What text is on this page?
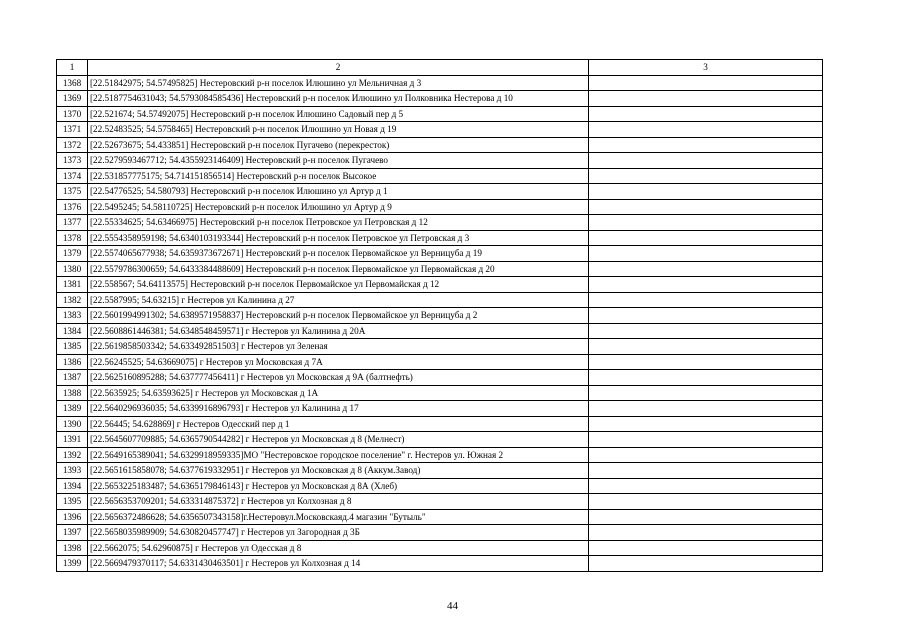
1	2	3
1368	[22.51842975; 54.57495825] Нестеровский р-н поселок Илюшино ул Мельничная д 3	
1369	[22.5187754631043; 54.5793084585436] Нестеровский р-н поселок Илюшино ул Полковника Нестерова д 10	
1370	[22.521674; 54.57492075] Нестеровский р-н поселок Илюшино Садовый пер д 5	
1371	[22.52483525; 54.5758465] Нестеровский р-н поселок Илюшино ул Новая д 19	
1372	[22.52673675; 54.433851] Нестеровский р-н поселок Пугачево (перекресток)	
1373	[22.5279593467712; 54.4355923146409] Нестеровский р-н поселок Пугачево	
1374	[22.531857775175; 54.714151856514] Нестеровский р-н поселок Высокое	
1375	[22.54776525; 54.580793] Нестеровский р-н поселок Илюшино ул Артур д 1	
1376	[22.5495245; 54.58110725] Нестеровский р-н поселок Илюшино ул Артур д 9	
1377	[22.55334625; 54.63466975] Нестеровский р-н поселок Петровское ул Петровская д 12	
1378	[22.5554358959198; 54.6340103193344] Нестеровский р-н поселок Петровское ул Петровская д 3	
1379	[22.5574065677938; 54.6359373672671] Нестеровский р-н поселок Первомайское ул Верницуба д 19	
1380	[22.5579786300659; 54.6433384488609] Нестеровский р-н поселок Первомайское ул Первомайская д 20	
1381	[22.558567; 54.64113575] Нестеровский р-н поселок Первомайское ул Первомайская д 12	
1382	[22.5587995; 54.63215] г Нестеров ул Калинина д 27	
1383	[22.5601994991302; 54.6389571958837] Нестеровский р-н поселок Первомайское ул Верницуба д 2	
1384	[22.5608861446381; 54.6348548459571] г Нестеров ул Калинина д 20А	
1385	[22.5619858503342; 54.633492851503] г Нестеров ул Зеленая	
1386	[22.56245525; 54.63669075] г Нестеров ул Московская д 7А	
1387	[22.5625160895288; 54.637777456411] г Нестеров ул Московская д 9А (балтнефть)	
1388	[22.5635925; 54.63593625] г Нестеров ул Московская д 1А	
1389	[22.5640296936035; 54.6339916896793] г Нестеров ул Калинина д 17	
1390	[22.56445; 54.628869] г Нестеров Одесский пер д 1	
1391	[22.5645607709885; 54.6365790544282] г Нестеров ул Московская д 8 (Мелнест)	
1392	[22.5649165389041; 54.6329918959335]МО "Нестеровское городское поселение" г. Нестеров ул. Южная 2	
1393	[22.5651615858078; 54.6377619332951] г Нестеров ул Московская д 8 (Аккум.Завод)	
1394	[22.5653225183487; 54.6365179846143] г Нестеров ул Московская д 8А (Хлеб)	
1395	[22.5656353709201; 54.633314875372] г Нестеров ул Колхозная д 8	
1396	[22.5656372486628; 54.6356507343158]г.Нестеровул.Московскаяд.4 магазин "Бутыль"	
1397	[22.5658035989909; 54.630820457747] г Нестеров ул Загородная д 3Б	
1398	[22.5662075; 54.62960875] г Нестеров ул Одесская д 8	
1399	[22.5669479370117; 54.6331430463501] г Нестеров ул Колхозная д 14	
44
